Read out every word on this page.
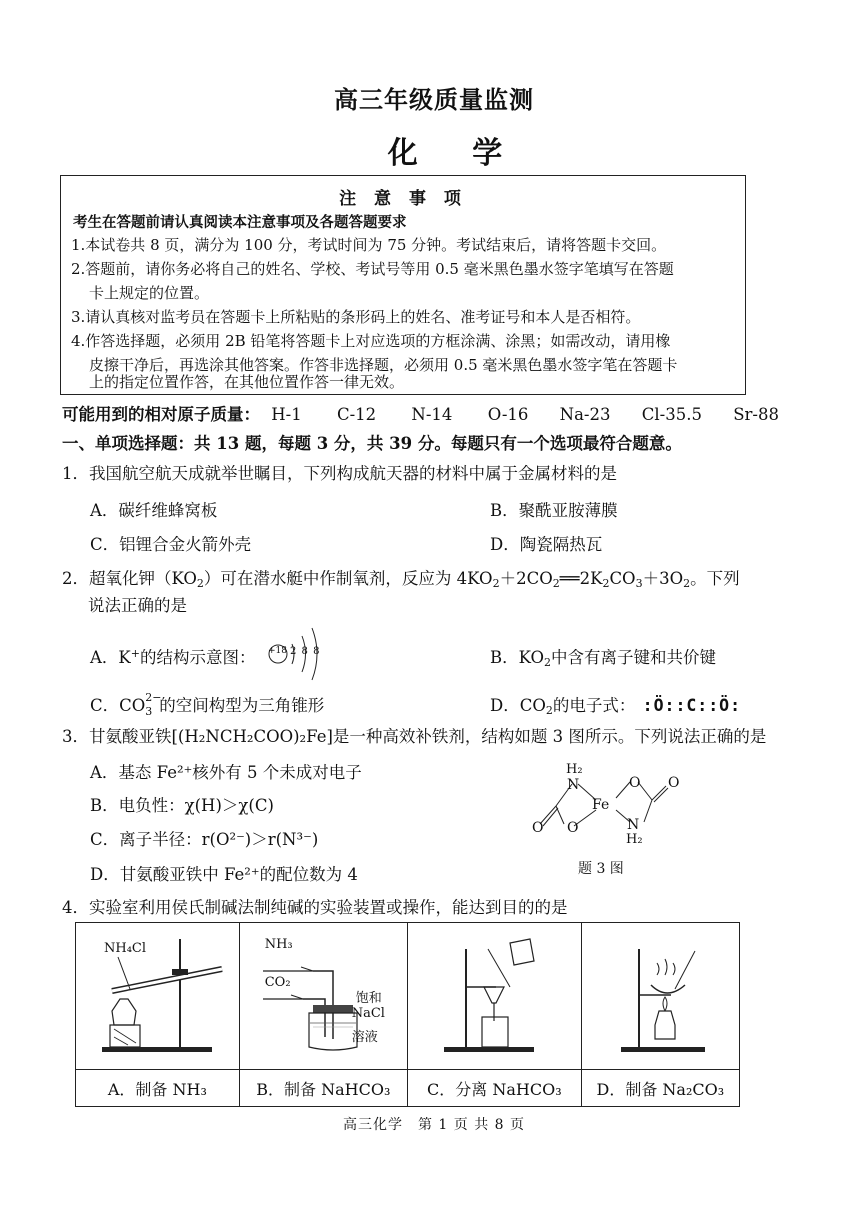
高三年级质量监测
化 学
注 意 事 项
考生在答题前请认真阅读本注意事项及各题答题要求
1.本试卷共 8 页，满分为 100 分，考试时间为 75 分钟。考试结束后，请将答题卡交回。
2.答题前，请你务必将自己的姓名、学校、考试号等用 0.5 毫米黑色墨水签字笔填写在答题
卡上规定的位置。
3.请认真核对监考员在答题卡上所粘贴的条形码上的姓名、准考证号和本人是否相符。
4.作答选择题，必须用 2B 铅笔将答题卡上对应选项的方框涂满、涂黑；如需改动，请用橡
皮擦干净后，再选涂其他答案。作答非选择题，必须用 0.5 毫米黑色墨水签字笔在答题卡
上的指定位置作答，在其他位置作答一律无效。
可能用到的相对原子质量： H-1 C-12 N-14 O-16 Na-23 Cl-35.5 Sr-88
一、单项选择题：共 13 题，每题 3 分，共 39 分。每题只有一个选项最符合题意。
1．我国航空航天成就举世瞩目，下列构成航天器的材料中属于金属材料的是
A．碳纤维蜂窝板	B．聚酰亚胺薄膜
C．铝锂合金火箭外壳	D．陶瓷隔热瓦
2．超氧化钾$(KO_2)$可在潜水艇中作制氧剂，反应为 $4KO_2+2CO_2══2K_2CO_3+3O_2$。下列
说法正确的是
A．K+的结构示意图： +18 2 8 8	B．$KO_2$中含有离子键和共价键
C．CO 2−
3 的空间构型为三角锥形	D．$CO_2$的电子式： :Ö::C::Ö:
3．甘氨酸亚铁[(H₂NCH₂COO)₂Fe]是一种高效补铁剂，结构如题 3 图所示。下列说法正确的是
A．基态 Fe²⁺核外有 5 个未成对电子
B．电负性：χ(H)＞χ(C)
C．离子半径：r(O²⁻)＞r(N³⁻)
D．甘氨酸亚铁中 Fe²⁺的配位数为 4
H₂
N
Fe
O O
O O	N
H₂
题 3 图
4．实验室利用侯氏制碱法制纯碱的实验装置或操作，能达到目的的是
NH₄Cl	NH₃
CO₂
饱和
NaCl
溶液

A．制备 NH₃	B．制备 NaHCO₃	C．分离 NaHCO₃	D．制备 Na₂CO₃
高三化学　第 1 页 共 8 页
